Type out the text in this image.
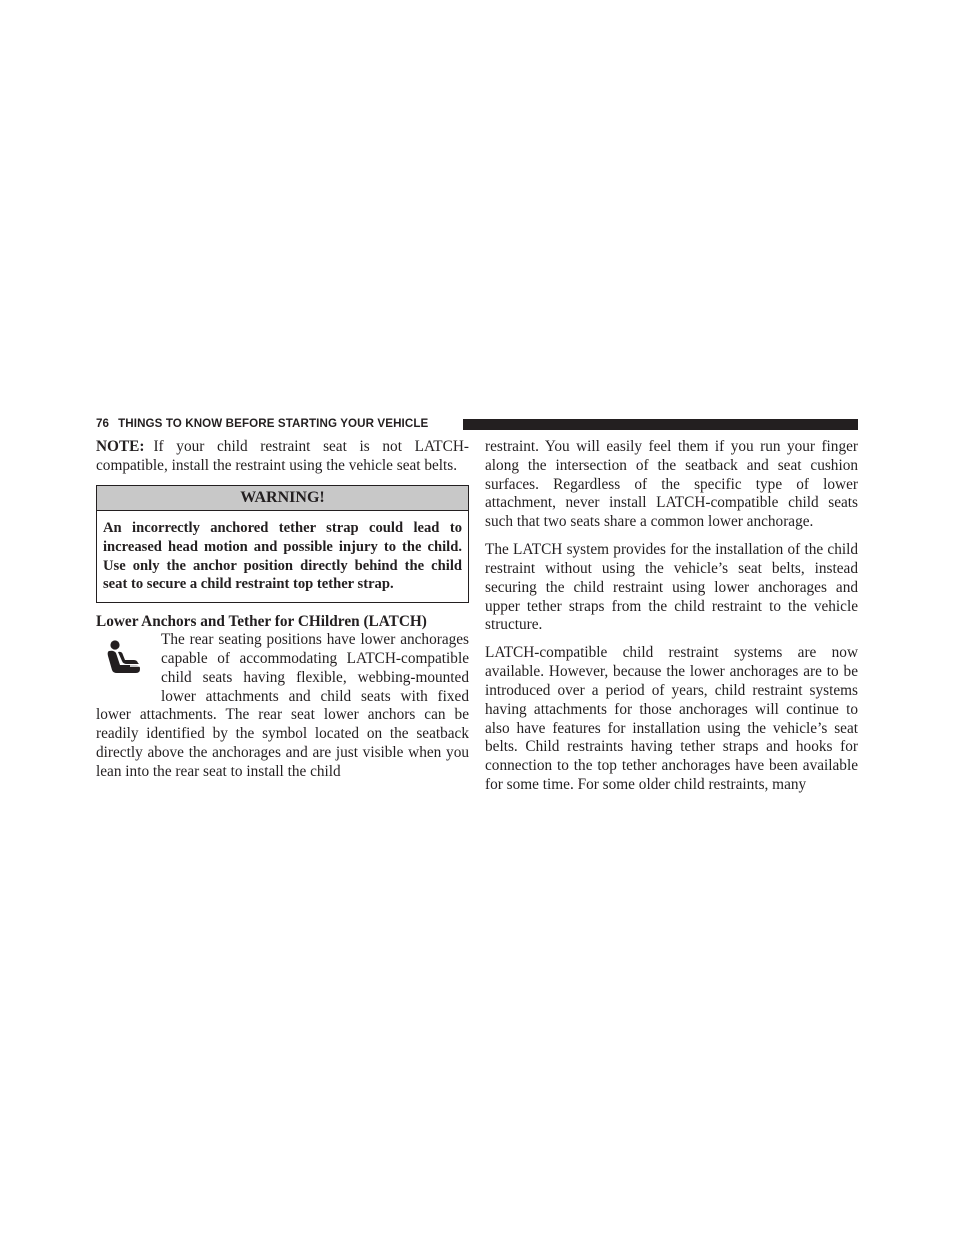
76 THINGS TO KNOW BEFORE STARTING YOUR VEHICLE

NOTE: If your child restraint seat is not LATCH-compatible, install the restraint using the vehicle seat belts.

WARNING!
An incorrectly anchored tether strap could lead to increased head motion and possible injury to the child. Use only the anchor position directly behind the child seat to secure a child restraint top tether strap.
Lower Anchors and Tether for CHildren (LATCH)

The rear seating positions have lower anchorages capable of accommodating LATCH-compatible child seats having flexible, webbing-mounted lower attachments and child seats with fixed lower attachments. The rear seat lower anchors can be readily identified by the symbol located on the seatback directly above the anchorages and are just visible when you lean into the rear seat to install the child

restraint. You will easily feel them if you run your finger along the intersection of the seatback and seat cushion surfaces. Regardless of the specific type of lower attachment, never install LATCH-compatible child seats such that two seats share a common lower anchorage.

The LATCH system provides for the installation of the child restraint without using the vehicle’s seat belts, instead securing the child restraint using lower anchorages and upper tether straps from the child restraint to the vehicle structure.

LATCH-compatible child restraint systems are now available. However, because the lower anchorages are to be introduced over a period of years, child restraint systems having attachments for those anchorages will continue to also have features for installation using the vehicle’s seat belts. Child restraints having tether straps and hooks for connection to the top tether anchorages have been available for some time. For some older child restraints, many
